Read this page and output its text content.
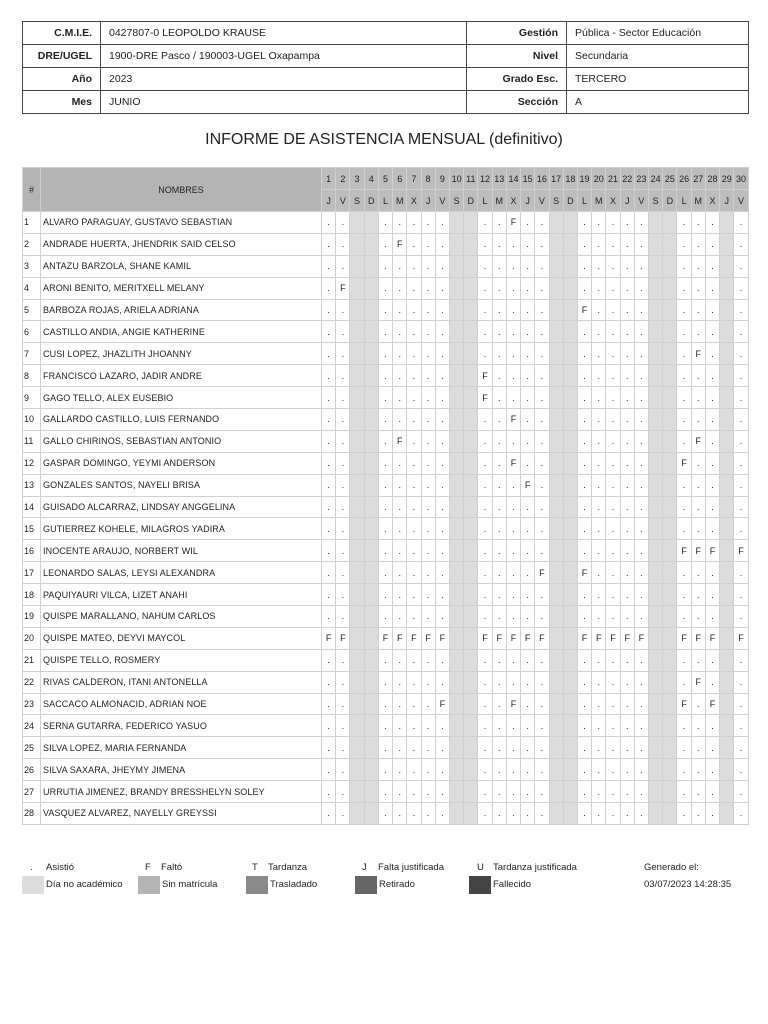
C.M.I.E.	0427807-0 LEOPOLDO KRAUSE	Gestión	Pública - Sector Educación
DRE/UGEL	1900-DRE Pasco / 190003-UGEL Oxapampa	Nivel	Secundaria
Año	2023	Grado Esc.	TERCERO
Mes	JUNIO	Sección	A
INFORME DE ASISTENCIA MENSUAL (definitivo)
#	NOMBRES	1	2	3	4	5	6	7	8	9	10	11	12	13	14	15	16	17	18	19	20	21	22	23	24	25	26	27	28	29	30
		J	V	S	D	L	M	X	J	V	S	D	L	M	X	J	V	S	D	L	M	X	J	V	S	D	L	M	X	J	V
1	ALVARO PARAGUAY, GUSTAVO SEBASTIAN	.	.			.	.	.	.	.			.	.	F	.	.			.	.	.	.	.			.	.	.		.
2	ANDRADE HUERTA, JHENDRIK SAID CELSO	.	.			.	F	.	.	.			.	.	.	.	.			.	.	.	.	.			.	.	.		.
3	ANTAZU BARZOLA, SHANE KAMIL	.	.			.	.	.	.	.			.	.	.	.	.			.	.	.	.	.			.	.	.		.
4	ARONI BENITO, MERITXELL MELANY	.	F			.	.	.	.	.			.	.	.	.	.			.	.	.	.	.			.	.	.		.
5	BARBOZA ROJAS, ARIELA ADRIANA	.	.			.	.	.	.	.			.	.	.	.	.			F	.	.	.	.			.	.	.		.
6	CASTILLO ANDIA, ANGIE KATHERINE	.	.			.	.	.	.	.			.	.	.	.	.			.	.	.	.	.			.	.	.		.
7	CUSI LOPEZ, JHAZLITH JHOANNY	.	.			.	.	.	.	.			.	.	.	.	.			.	.	.	.	.			.	F	.		.
8	FRANCISCO LAZARO, JADIR ANDRE	.	.			.	.	.	.	.			F	.	.	.	.			.	.	.	.	.			.	.	.		.
9	GAGO TELLO, ALEX EUSEBIO	.	.			.	.	.	.	.			F	.	.	.	.			.	.	.	.	.			.	.	.		.
10	GALLARDO CASTILLO, LUIS FERNANDO	.	.			.	.	.	.	.			.	.	F	.	.			.	.	.	.	.			.	.	.		.
11	GALLO CHIRINOS, SEBASTIAN ANTONIO	.	.			.	F	.	.	.			.	.	.	.	.			.	.	.	.	.			.	F	.		.
12	GASPAR DOMINGO, YEYMI ANDERSON	.	.			.	.	.	.	.			.	.	F	.	.			.	.	.	.	.			F	.	.		.
13	GONZALES SANTOS, NAYELI BRISA	.	.			.	.	.	.	.			.	.	.	F	.			.	.	.	.	.			.	.	.		.
14	GUISADO ALCARRAZ, LINDSAY ANGGELINA	.	.			.	.	.	.	.			.	.	.	.	.			.	.	.	.	.			.	.	.		.
15	GUTIERREZ KOHELE, MILAGROS YADIRA	.	.			.	.	.	.	.			.	.	.	.	.			.	.	.	.	.			.	.	.		.
16	INOCENTE ARAUJO, NORBERT WIL	.	.			.	.	.	.	.			.	.	.	.	.			.	.	.	.	.			F	F	F		F
17	LEONARDO SALAS, LEYSI ALEXANDRA	.	.			.	.	.	.	.			.	.	.	.	F			F	.	.	.	.			.	.	.		.
18	PAQUIYAURI VILCA, LIZET ANAHI	.	.			.	.	.	.	.			.	.	.	.	.			.	.	.	.	.			.	.	.		.
19	QUISPE MARALLANO, NAHUM CARLOS	.	.			.	.	.	.	.			.	.	.	.	.			.	.	.	.	.			.	.	.		.
20	QUISPE MATEO, DEYVI MAYCOL	F	F			F	F	F	F	F			F	F	F	F	F			F	F	F	F	F			F	F	F		F
21	QUISPE TELLO, ROSMERY	.	.			.	.	.	.	.			.	.	.	.	.			.	.	.	.	.			.	.	.		.
22	RIVAS CALDERON, ITANI ANTONELLA	.	.			.	.	.	.	.			.	.	.	.	.			.	.	.	.	.			.	F	.		.
23	SACCACO ALMONACID, ADRIAN NOE	.	.			.	.	.	.	F			.	.	F	.	.			.	.	.	.	.			F	.	F		.
24	SERNA GUTARRA, FEDERICO YASUO	.	.			.	.	.	.	.			.	.	.	.	.			.	.	.	.	.			.	.	.		.
25	SILVA LOPEZ, MARIA FERNANDA	.	.			.	.	.	.	.			.	.	.	.	.			.	.	.	.	.			.	.	.		.
26	SILVA SAXARA, JHEYMY JIMENA	.	.			.	.	.	.	.			.	.	.	.	.			.	.	.	.	.			.	.	.		.
27	URRUTIA JIMENEZ, BRANDY BRESSHELYN SOLEY	.	.			.	.	.	.	.			.	.	.	.	.			.	.	.	.	.			.	.	.		.
28	VASQUEZ ALVAREZ, NAYELLY GREYSSI	.	.			.	.	.	.	.			.	.	.	.	.			.	.	.	.	.			.	.	.		.
. Asistió	F Faltó	T Tardanza	J Falta justificada	U Tardanza justificada
Día no académico	Sin matrícula	Trasladado	Retirado	Fallecido
Generado el:
03/07/2023 14:28:35
